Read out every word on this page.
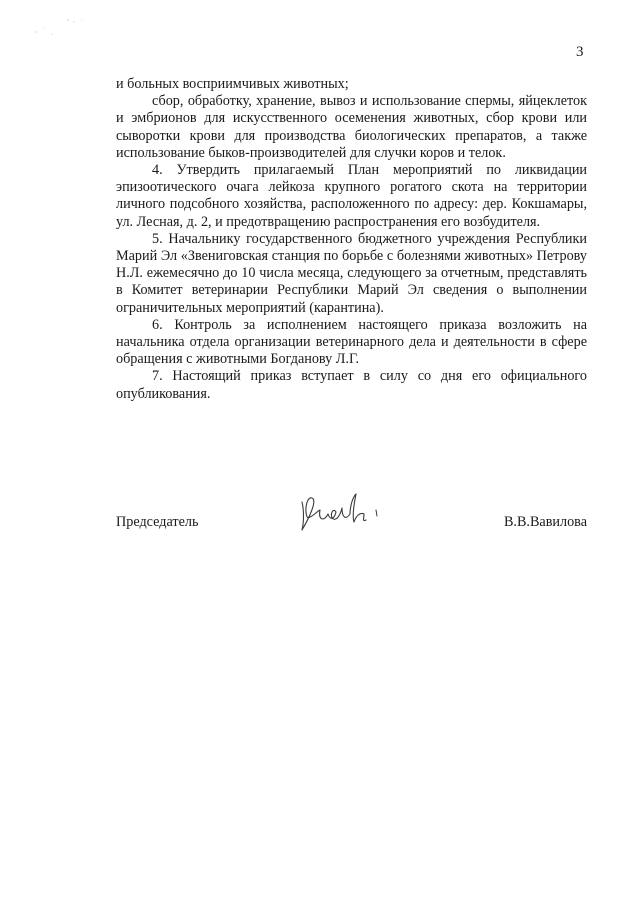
3

и больных восприимчивых животных;

сбор, обработку, хранение, вывоз и использование спермы, яйцеклеток и эмбрионов для искусственного осеменения животных, сбор крови или сыворотки крови для производства биологических препаратов, а также использование быков-производителей для случки коров и телок.

4. Утвердить прилагаемый План мероприятий по ликвидации эпизоотического очага лейкоза крупного рогатого скота на территории личного подсобного хозяйства, расположенного по адресу: дер. Кокшамары, ул. Лесная, д. 2, и предотвращению распространения его возбудителя.

5. Начальнику государственного бюджетного учреждения Республики Марий Эл «Звениговская станция по борьбе с болезнями животных» Петрову Н.Л. ежемесячно до 10 числа месяца, следующего за отчетным, представлять в Комитет ветеринарии Республики Марий Эл сведения о выполнении ограничительных мероприятий (карантина).

6. Контроль за исполнением настоящего приказа возложить на начальника отдела организации ветеринарного дела и деятельности в сфере обращения с животными Богданову Л.Г.

7. Настоящий приказ вступает в силу со дня его официального опубликования.

Председатель	В.В.Вавилова
